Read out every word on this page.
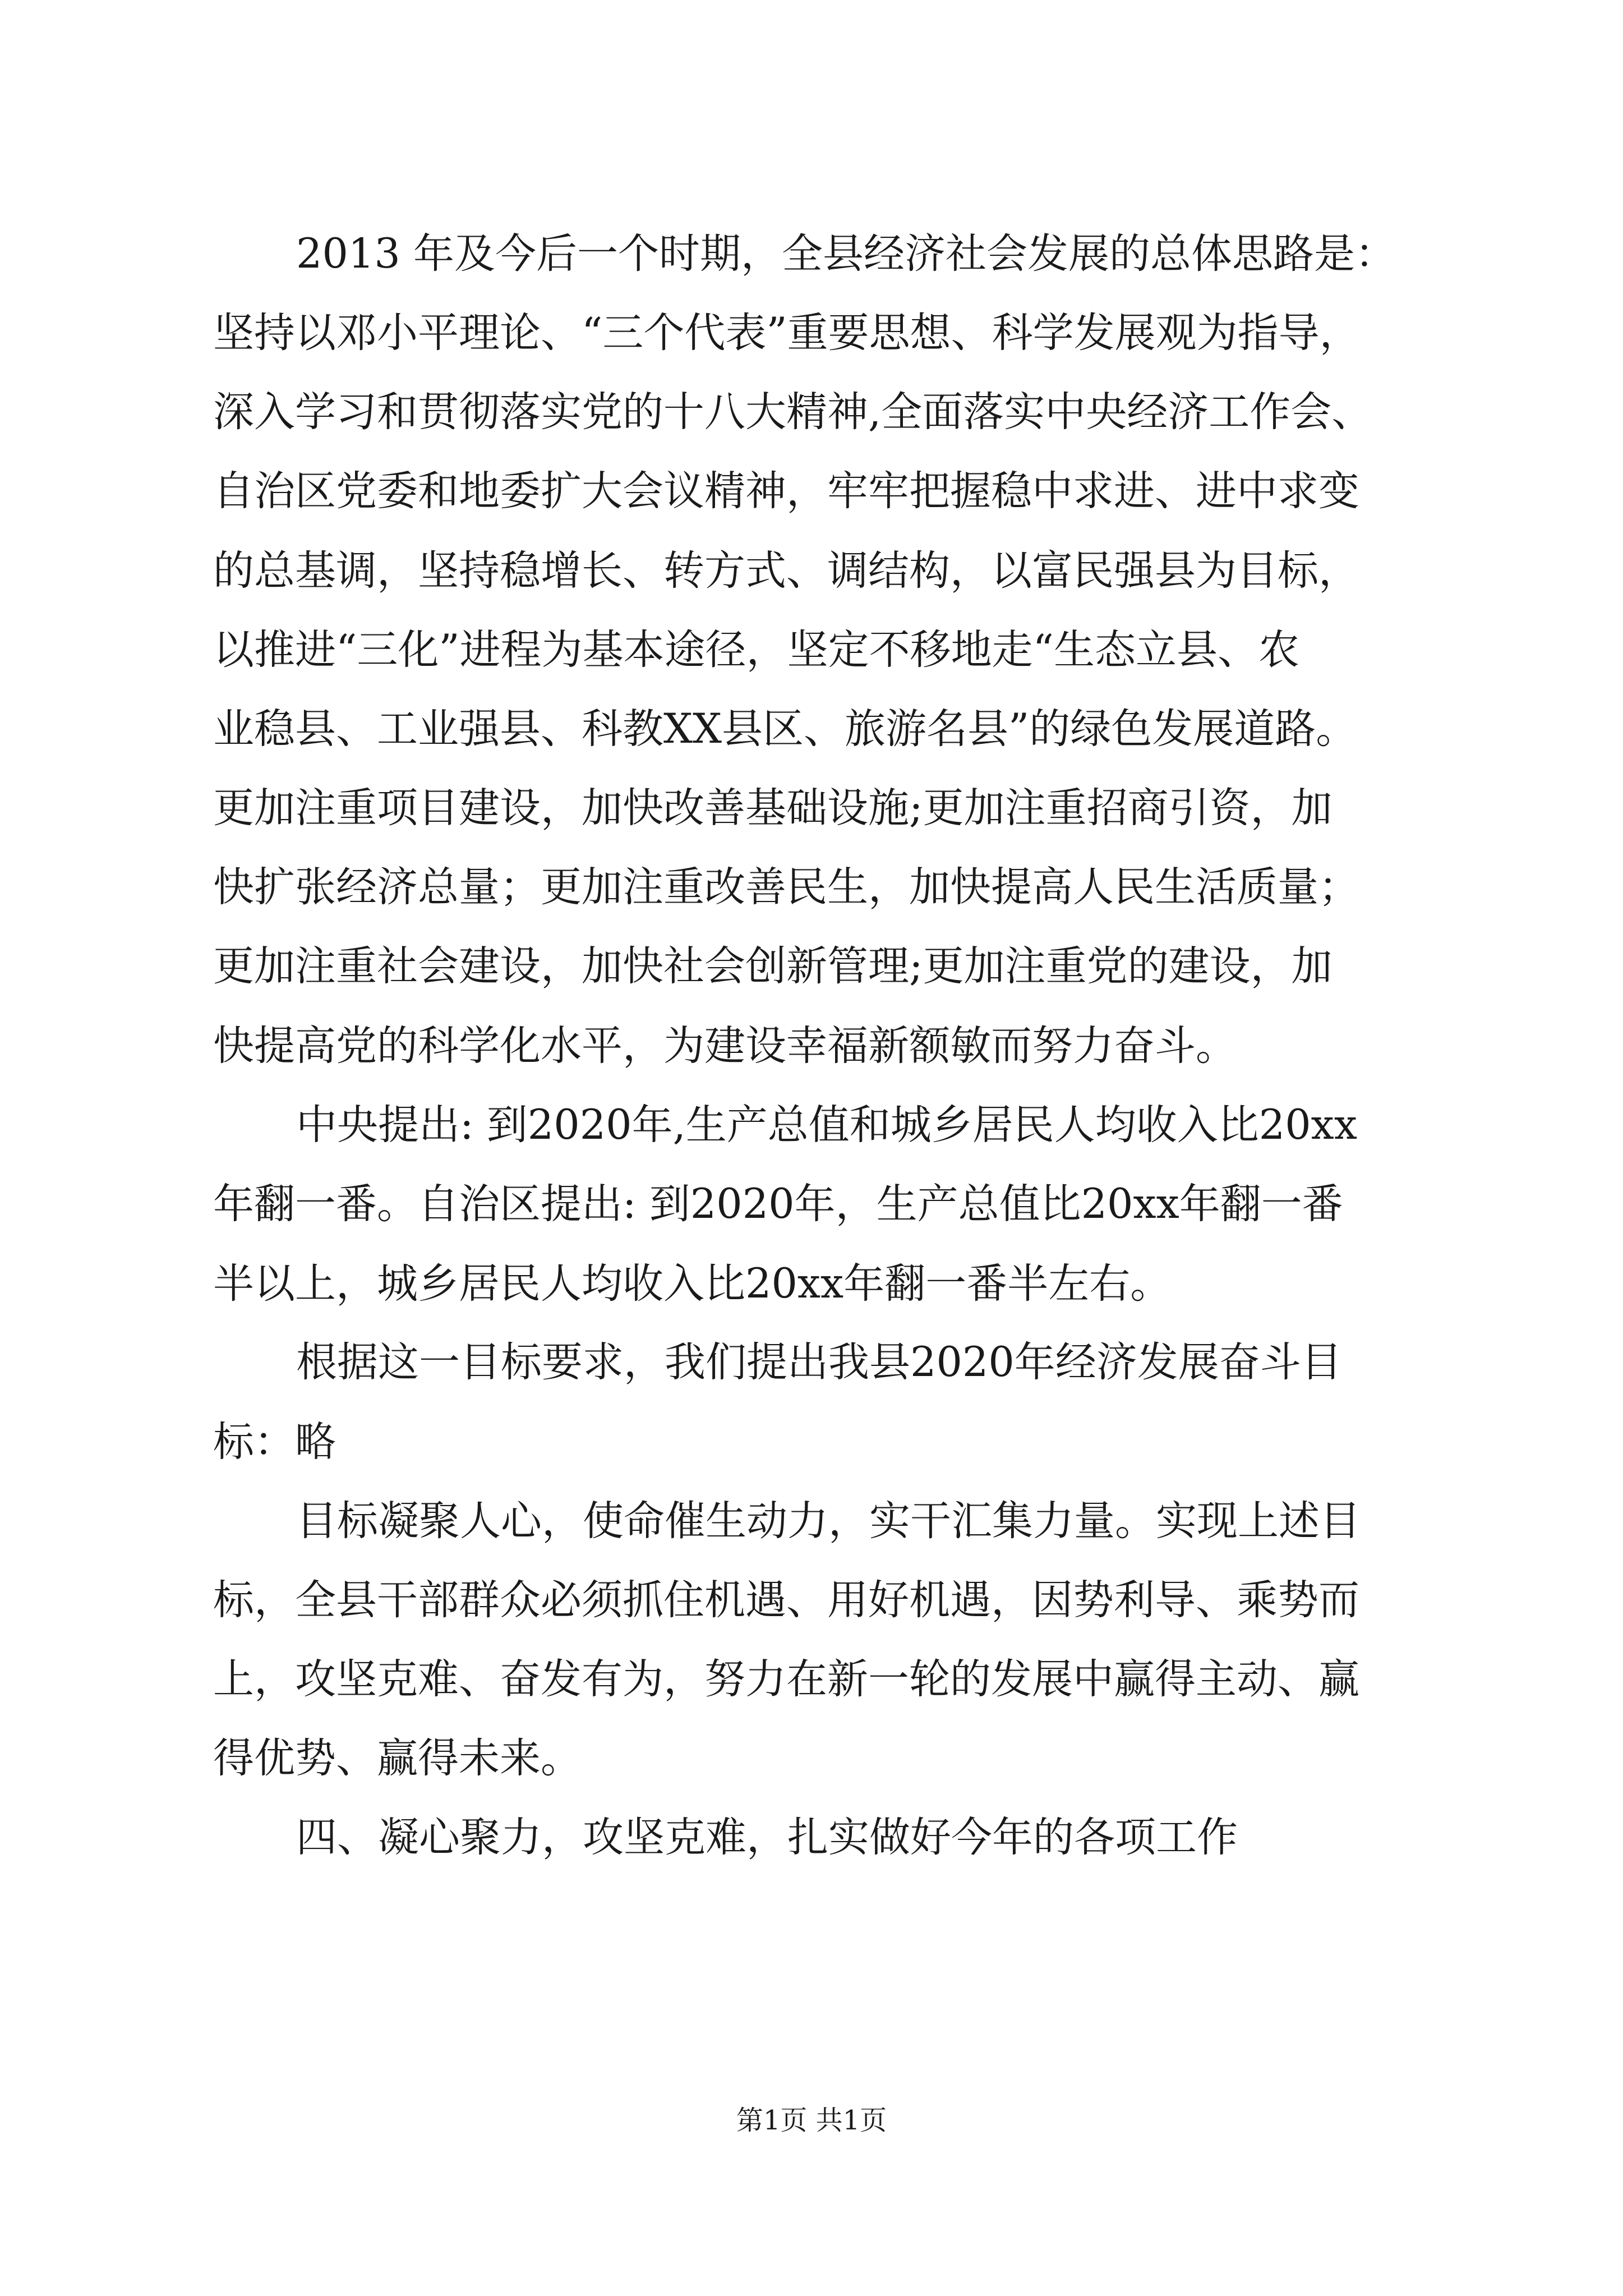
2013 年及今后一个时期，全县经济社会发展的总体思路是：
坚持以邓小平理论、“三个代表”重要思想、科学发展观为指导，
深入学习和贯彻落实党的十八大精神,全面落实中央经济工作会、
自治区党委和地委扩大会议精神，牢牢把握稳中求进、进中求变
的总基调，坚持稳增长、转方式、调结构，以富民强县为目标，
以推进“三化”进程为基本途径，坚定不移地走“生态立县、农
业稳县、工业强县、科教XX县区、旅游名县”的绿色发展道路。
更加注重项目建设，加快改善基础设施;更加注重招商引资，加
快扩张经济总量；更加注重改善民生，加快提高人民生活质量；
更加注重社会建设，加快社会创新管理;更加注重党的建设，加
快提高党的科学化水平，为建设幸福新额敏而努力奋斗。
中央提出: 到2020年,生产总值和城乡居民人均收入比20xx
年翻一番。自治区提出: 到2020年，生产总值比20xx年翻一番
半以上，城乡居民人均收入比20xx年翻一番半左右。
根据这一目标要求，我们提出我县2020年经济发展奋斗目
标：略
目标凝聚人心，使命催生动力，实干汇集力量。实现上述目
标，全县干部群众必须抓住机遇、用好机遇，因势利导、乘势而
上，攻坚克难、奋发有为，努力在新一轮的发展中赢得主动、赢
得优势、赢得未来。
四、凝心聚力，攻坚克难，扎实做好今年的各项工作
第1页 共1页
